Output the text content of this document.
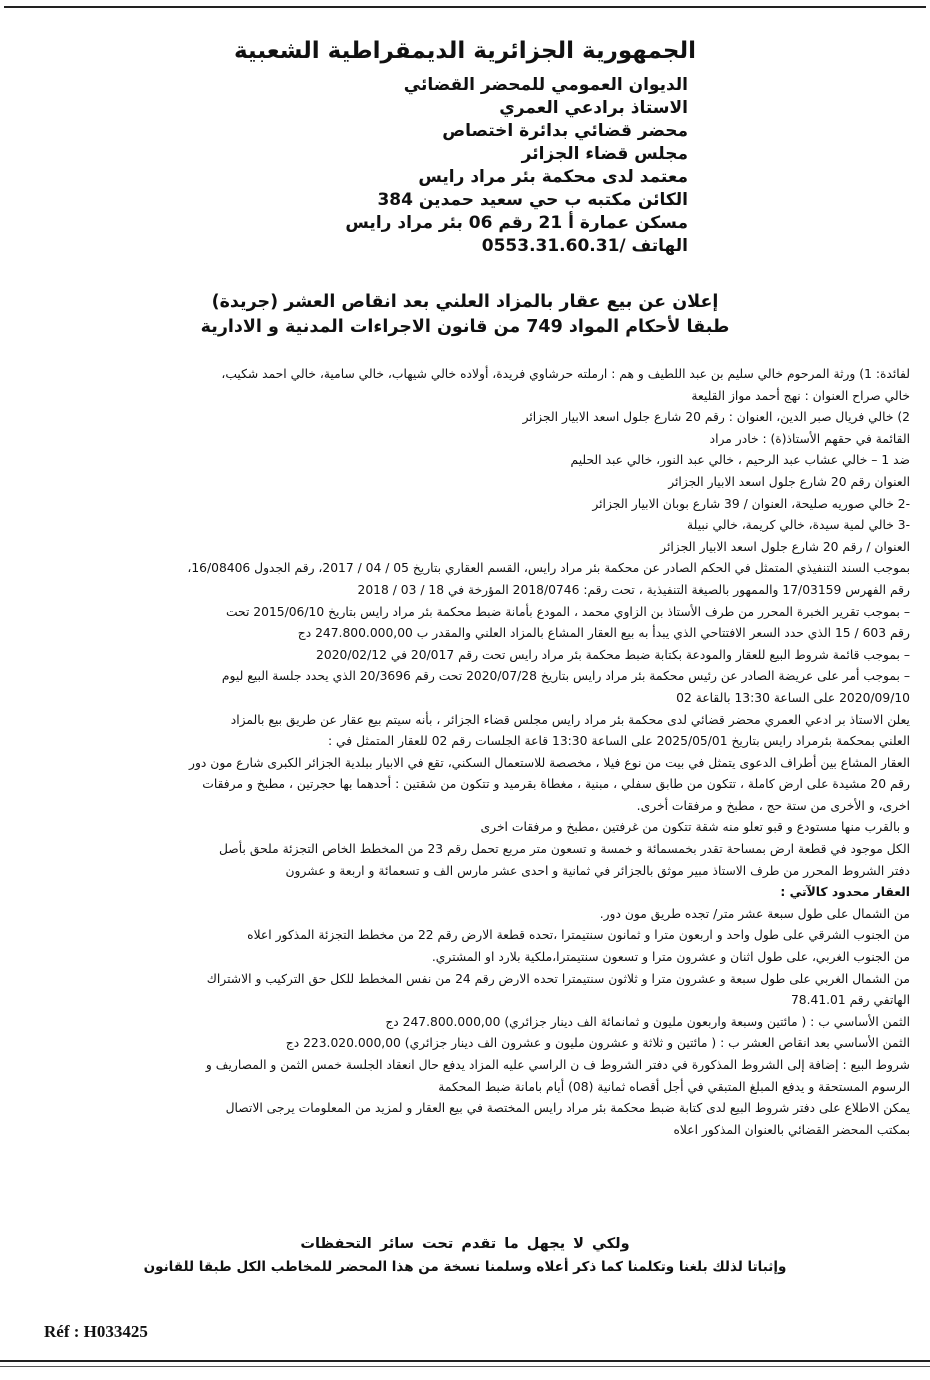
الجمهورية الجزائرية الديمقراطية الشعبية
الديوان العمومي للمحضر القضائي
الاستاذ برادعي العمري
محضر قضائي بدائرة اختصاص
مجلس قضاء الجزائر
معتمد لدى محكمة بئر مراد رايس
الكائن مكتبه ب حي سعيد حمدين 384
مسكن عمارة أ 21 رقم 06 بئر مراد رايس
الهاتف /0553.31.60.31
إعلان عن بيع عقار بالمزاد العلني بعد انقاص العشر (جريدة)
طبقا لأحكام المواد 749 من قانون الاجراءات المدنية و الادارية
لفائدة: 1) ورثة المرحوم خالي سليم بن عبد اللطيف و هم : ارملته حرشاوي فريدة، أولاده خالي شيهاب، خالي سامية، خالي احمد شكيب،
خالي صراح العنوان : نهج أحمد مواز القليعة
2) خالي فريال صبر الدين، العنوان : رقم 20 شارع جلول اسعد الابيار الجزائر
القائمة في حقهم الأستاذ(ة) : خادر مراد
ضد 1 – خالي عشاب عبد الرحيم ، خالي عبد النور، خالي عبد الحليم
العنوان رقم 20 شارع جلول اسعد الابيار الجزائر
-2 خالي صوريه صليحة، العنوان / 39 شارع بوبان الابيار الجزائر
-3 خالي لمية سيدة، خالي كريمة، خالي نبيلة
العنوان / رقم 20 شارع جلول اسعد الابيار الجزائر
بموجب السند التنفيذي المتمثل في الحكم الصادر عن محكمة بئر مراد رايس، القسم العقاري بتاريخ 05 / 04 / 2017، رقم الجدول 16/08406،
رقم الفهرس 17/03159 والممهور بالصيغة التنفيذية ، تحت رقم: 2018/0746 المؤرخة في 18 / 03 / 2018
– بموجب تقرير الخبرة المحرر من طرف الأستاذ بن الزاوي محمد ، المودع بأمانة ضبط محكمة بئر مراد رايس بتاريخ 2015/06/10 تحت
رقم 603 / 15 الذي حدد السعر الافتتاحي الذي يبدأ به بيع العقار المشاع بالمزاد العلني والمقدر ب 247.800.000,00 دج
– بموجب قائمة شروط البيع للعقار والمودعة بكتابة ضبط محكمة بئر مراد رايس تحت رقم 20/017 في 2020/02/12
– بموجب أمر على عريضة الصادر عن رئيس محكمة بئر مراد رايس بتاريخ 2020/07/28 تحت رقم 20/3696 الذي يحدد جلسة البيع ليوم
2020/09/10 على الساعة 13:30 بالقاعة 02
يعلن الاستاذ بر ادعي العمري محضر قضائي لدى محكمة بئر مراد رايس مجلس قضاء الجزائر ، بأنه سيتم بيع عقار عن طريق بيع بالمزاد
العلني بمحكمة بئرمراد رايس بتاريخ 2025/05/01 على الساعة 13:30 قاعة الجلسات رقم 02 للعقار المتمثل في :
العقار المشاع بين أطراف الدعوى يتمثل في بيت من نوع فيلا ، مخصصة للاستعمال السكني، تقع في الابيار ببلدية الجزائر الكبرى شارع مون دور
رقم 20 مشيدة على ارض كاملة ، تتكون من طابق سفلي ، مبنية ، مغطاة بقرميد و تتكون من شقتين : أحدهما بها حجرتين ، مطبخ و مرفقات
اخرى، و الأخرى من ستة حج ، مطبخ و مرفقات أخرى.
و بالقرب منها مستودع و قبو تعلو منه شقة تتكون من غرفتين ،مطبخ و مرفقات اخرى
الكل موجود في قطعة ارض بمساحة تقدر بخمسمائة و خمسة و تسعون متر مربع تحمل رقم 23 من المخطط الخاص التجزئة ملحق بأصل
دفتر الشروط المحرر من طرف الاستاذ مبير موثق بالجزائر في ثمانية و احدى عشر مارس الف و تسعمائة و اربعة و عشرون
العقار محدود كالآتي :
من الشمال على طول سبعة عشر متر/ تجده طريق مون دور.
من الجنوب الشرقي على طول واحد و اربعون مترا و ثمانون سنتيمترا ،تحده قطعة الارض رقم 22 من مخطط التجزئة المذكور اعلاه
من الجنوب الغربي، على طول اثنان و عشرون مترا و تسعون سنتيمترا،ملكية بلارد او المشتري.
من الشمال الغربي على طول سبعة و عشرون مترا و ثلاثون سنتيمترا تحده الارض رقم 24 من نفس المخطط للكل حق التركيب و الاشتراك
الهاتفي رقم 78.41.01
الثمن الأساسي ب : ( مائتين وسبعة واربعون مليون و ثمانمائة الف دينار جزائري) 247.800.000,00 دج
الثمن الأساسي بعد انقاص العشر ب : ( مائتين و ثلاثة و عشرون مليون و عشرون الف دينار جزائري) 223.020.000,00 دج
شروط البيع : إضافة إلى الشروط المذكورة في دفتر الشروط ف ن الراسي عليه المزاد يدفع حال انعقاد الجلسة خمس الثمن و المصاريف و
الرسوم المستحقة و يدفع المبلغ المتبقي في أجل أقصاه ثمانية (08) أيام بامانة ضبط المحكمة
يمكن الاطلاع على دفتر شروط البيع لدى كتابة ضبط محكمة بئر مراد رايس المختصة في بيع العقار و لمزيد من المعلومات يرجى الاتصال
بمكتب المحضر القضائي بالعنوان المذكور اعلاه
ولكي لا يجهل ما تقدم تحت سائر التحفظات
وإثباتا لذلك بلغنا وتكلمنا كما ذكر أعلاه وسلمنا نسخة من هذا المحضر للمخاطب الكل طبقا للقانون
Réf : H033425
